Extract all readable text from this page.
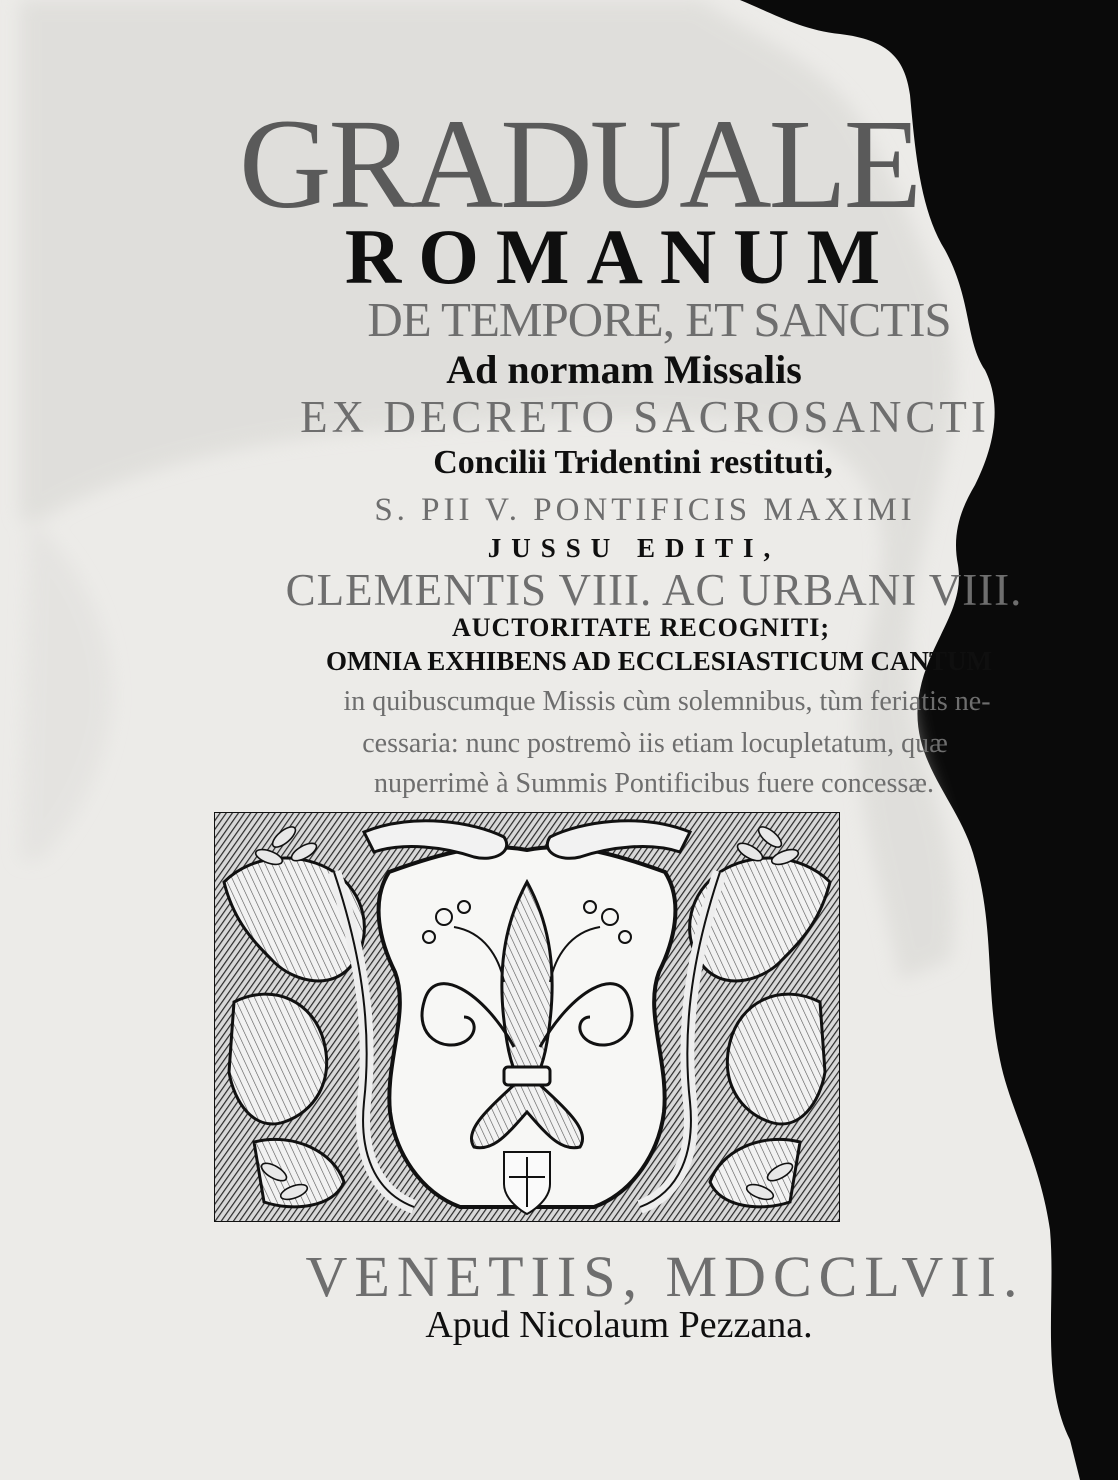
GRADUALE
ROMANUM
DE TEMPORE, ET SANCTIS
Ad normam Missalis
EX DECRETO SACROSANCTI
Concilii Tridentini restituti,
S. PII V. PONTIFICIS MAXIMI
JUSSU EDITI,
CLEMENTIS VIII. AC URBANI VIII.
AUCTORITATE RECOGNITI;
OMNIA EXHIBENS AD ECCLESIASTICUM CANTUM
in quibuscumque Missis cùm solemnibus, tùm feriatis ne-
cessaria: nunc postremò iis etiam locupletatum, quæ
nuperrimè à Summis Pontificibus fuere concessæ.
VENETIIS, MDCCLVII.
Apud Nicolaum Pezzana.
